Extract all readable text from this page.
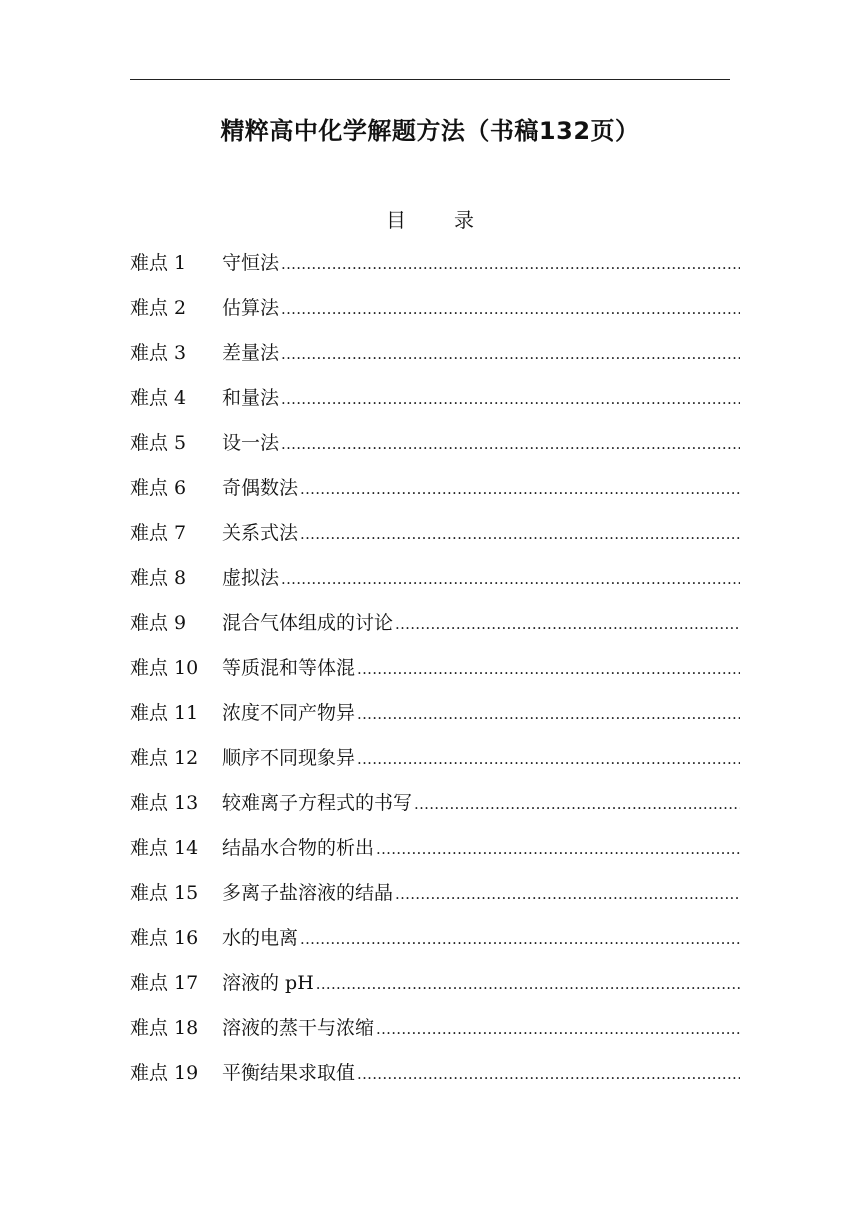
精粹高中化学解题方法（书稿132页）
目 录
难点 1	守恒法
.....
难点 2	估算法
.....
难点 3	差量法
.....
难点 4	和量法
.....
难点 5	设一法
.....
难点 6	奇偶数法
.....
难点 7	关系式法
.....
难点 8	虚拟法
.....
难点 9	混合气体组成的讨论
.....
难点 10	等质混和等体混
.....
难点 11	浓度不同产物异
.....
难点 12	顺序不同现象异
.....
难点 13	较难离子方程式的书写
.....
难点 14	结晶水合物的析出
.....
难点 15	多离子盐溶液的结晶
.....
难点 16	水的电离
.....
难点 17	溶液的 pH
.....
难点 18	溶液的蒸干与浓缩
.....
难点 19	平衡结果求取值
.....
